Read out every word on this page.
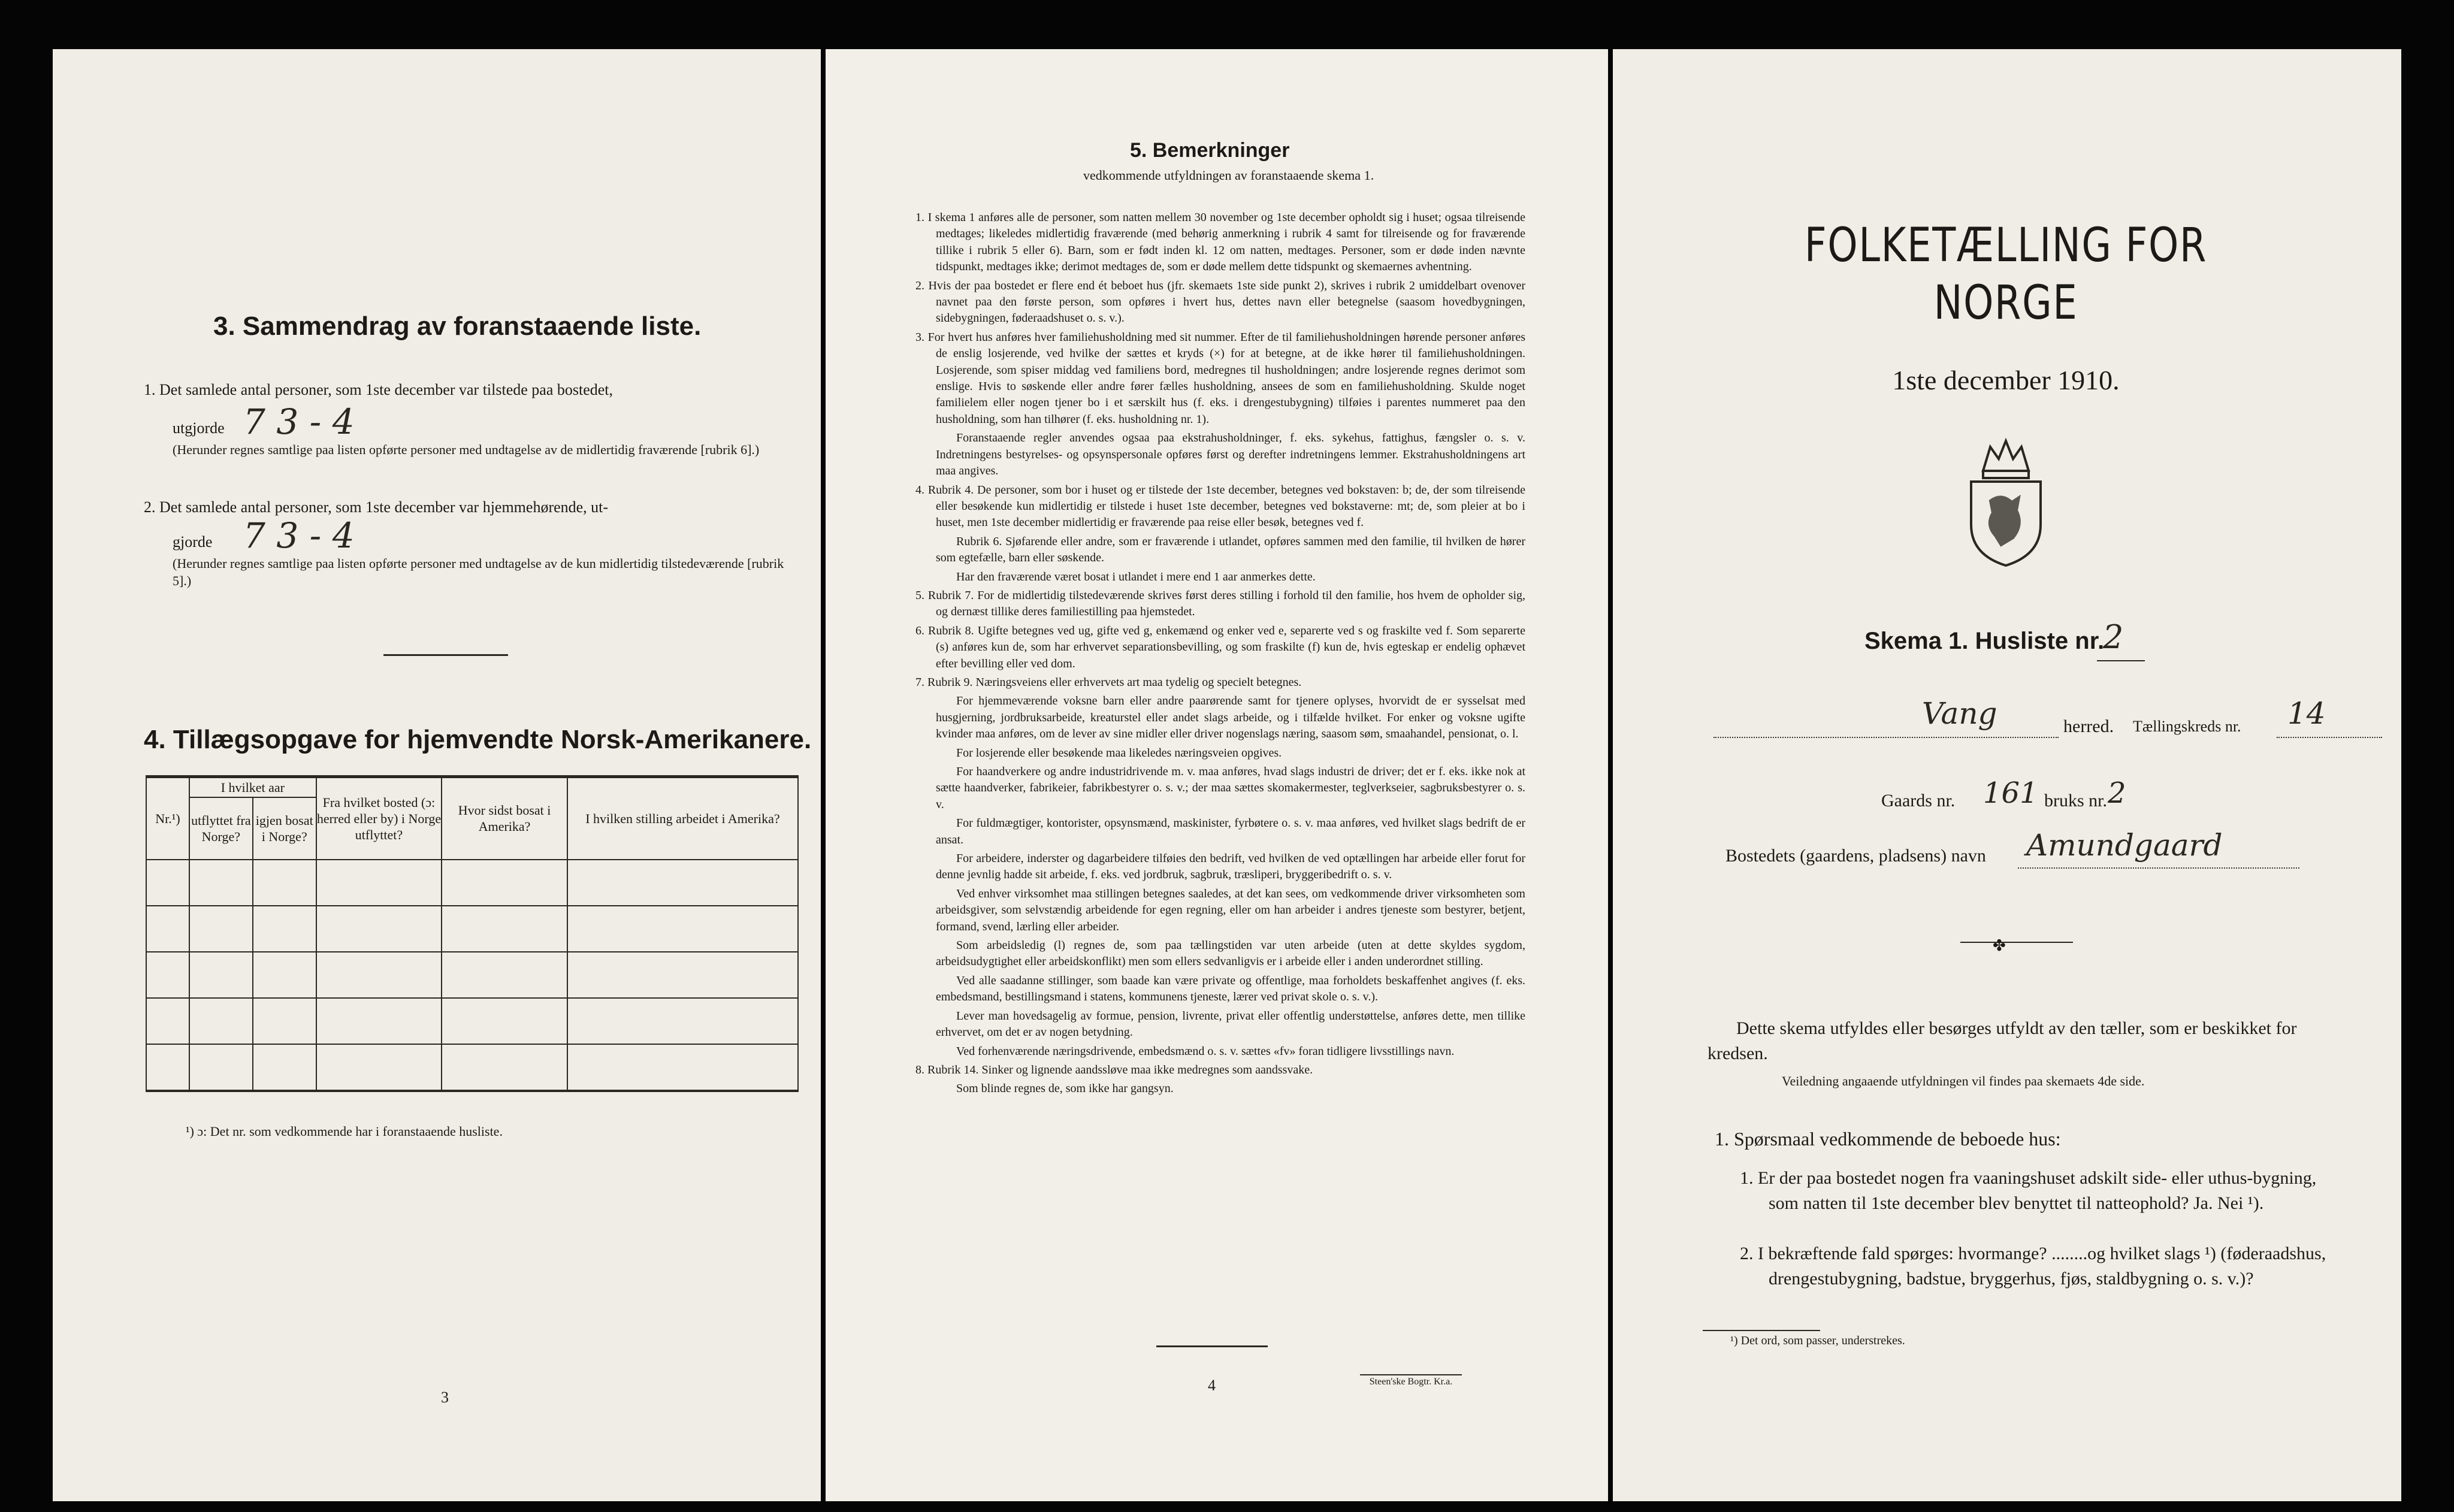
3. Sammendrag av foranstaaende liste.
1. Det samlede antal personer, som 1ste december var tilstede paa bostedet,
utgjorde 7 3 - 4
(Herunder regnes samtlige paa listen opførte personer med undtagelse av de midlertidig fraværende [rubrik 6].)
2. Det samlede antal personer, som 1ste december var hjemmehørende, ut-
gjorde 7 3 - 4
(Herunder regnes samtlige paa listen opførte personer med undtagelse av de kun midlertidig tilstedeværende [rubrik 5].)
4. Tillægsopgave for hjemvendte Norsk-Amerikanere.
Nr.¹)	I hvilket aar		Fra hvilket bosted (ɔ: herred eller by) i Norge utflyttet?	Hvor sidst bosat i Amerika?	I hvilken stilling arbeidet i Amerika?
	utflyttet fra Norge?	igjen bosat i Norge?			

¹) ɔ: Det nr. som vedkommende har i foranstaaende husliste.
3
5. Bemerkninger
vedkommende utfyldningen av foranstaaende skema 1.

1. I skema 1 anføres alle de personer, som natten mellem 30 november og 1ste december opholdt sig i huset; ogsaa tilreisende medtages; likeledes midlertidig fraværende (med behørig anmerkning i rubrik 4 samt for tilreisende og for fraværende tillike i rubrik 5 eller 6). Barn, som er født inden kl. 12 om natten, medtages. Personer, som er døde inden nævnte tidspunkt, medtages ikke; derimot medtages de, som er døde mellem dette tidspunkt og skemaernes avhentning.

2. Hvis der paa bostedet er flere end ét beboet hus (jfr. skemaets 1ste side punkt 2), skrives i rubrik 2 umiddelbart ovenover navnet paa den første person, som opføres i hvert hus, dettes navn eller betegnelse (saasom hovedbygningen, sidebygningen, føderaadshuset o. s. v.).

3. For hvert hus anføres hver familiehusholdning med sit nummer. Efter de til familiehusholdningen hørende personer anføres de enslig losjerende, ved hvilke der sættes et kryds (×) for at betegne, at de ikke hører til familiehusholdningen. Losjerende, som spiser middag ved familiens bord, medregnes til husholdningen; andre losjerende regnes derimot som enslige. Hvis to søskende eller andre fører fælles husholdning, ansees de som en familiehusholdning. Skulde noget familielem eller nogen tjener bo i et særskilt hus (f. eks. i drengestubygning) tilføies i parentes nummeret paa den husholdning, som han tilhører (f. eks. husholdning nr. 1).

Foranstaaende regler anvendes ogsaa paa ekstrahusholdninger, f. eks. sykehus, fattighus, fængsler o. s. v. Indretningens bestyrelses- og opsynspersonale opføres først og derefter indretningens lemmer. Ekstrahusholdningens art maa angives.

4. Rubrik 4. De personer, som bor i huset og er tilstede der 1ste december, betegnes ved bokstaven: b; de, der som tilreisende eller besøkende kun midlertidig er tilstede i huset 1ste december, betegnes ved bokstaverne: mt; de, som pleier at bo i huset, men 1ste december midlertidig er fraværende paa reise eller besøk, betegnes ved f.

Rubrik 6. Sjøfarende eller andre, som er fraværende i utlandet, opføres sammen med den familie, til hvilken de hører som egtefælle, barn eller søskende.

Har den fraværende været bosat i utlandet i mere end 1 aar anmerkes dette.

5. Rubrik 7. For de midlertidig tilstedeværende skrives først deres stilling i forhold til den familie, hos hvem de opholder sig, og dernæst tillike deres familiestilling paa hjemstedet.

6. Rubrik 8. Ugifte betegnes ved ug, gifte ved g, enkemænd og enker ved e, separerte ved s og fraskilte ved f. Som separerte (s) anføres kun de, som har erhvervet separationsbevilling, og som fraskilte (f) kun de, hvis egteskap er endelig ophævet efter bevilling eller ved dom.

7. Rubrik 9. Næringsveiens eller erhvervets art maa tydelig og specielt betegnes.

For hjemmeværende voksne barn eller andre paarørende samt for tjenere oplyses, hvorvidt de er sysselsat med husgjerning, jordbruksarbeide, kreaturstel eller andet slags arbeide, og i tilfælde hvilket. For enker og voksne ugifte kvinder maa anføres, om de lever av sine midler eller driver nogenslags næring, saasom søm, smaahandel, pensionat, o. l.

For losjerende eller besøkende maa likeledes næringsveien opgives.

For haandverkere og andre industridrivende m. v. maa anføres, hvad slags industri de driver; det er f. eks. ikke nok at sætte haandverker, fabrikeier, fabrikbestyrer o. s. v.; der maa sættes skomakermester, teglverkseier, sagbruksbestyrer o. s. v.

For fuldmægtiger, kontorister, opsynsmænd, maskinister, fyrbøtere o. s. v. maa anføres, ved hvilket slags bedrift de er ansat.

For arbeidere, inderster og dagarbeidere tilføies den bedrift, ved hvilken de ved optællingen har arbeide eller forut for denne jevnlig hadde sit arbeide, f. eks. ved jordbruk, sagbruk, træsliperi, bryggeribedrift o. s. v.

Ved enhver virksomhet maa stillingen betegnes saaledes, at det kan sees, om vedkommende driver virksomheten som arbeidsgiver, som selvstændig arbeidende for egen regning, eller om han arbeider i andres tjeneste som bestyrer, betjent, formand, svend, lærling eller arbeider.

Som arbeidsledig (l) regnes de, som paa tællingstiden var uten arbeide (uten at dette skyldes sygdom, arbeidsudygtighet eller arbeidskonflikt) men som ellers sedvanligvis er i arbeide eller i anden underordnet stilling.

Ved alle saadanne stillinger, som baade kan være private og offentlige, maa forholdets beskaffenhet angives (f. eks. embedsmand, bestillingsmand i statens, kommunens tjeneste, lærer ved privat skole o. s. v.).

Lever man hovedsagelig av formue, pension, livrente, privat eller offentlig understøttelse, anføres dette, men tillike erhvervet, om det er av nogen betydning.

Ved forhenværende næringsdrivende, embedsmænd o. s. v. sættes «fv» foran tidligere livsstillings navn.

8. Rubrik 14. Sinker og lignende aandssløve maa ikke medregnes som aandssvake.

Som blinde regnes de, som ikke har gangsyn.

4	Steen'ske Bogtr. Kr.a.
FOLKETÆLLING FOR NORGE
1ste december 1910.
Skema 1. Husliste nr.
2
Vang	herred. Tællingskreds nr. 14
Gaards nr. 161 bruks nr. 2
Bostedets (gaardens, pladsens) navn Amundgaard
✤
Dette skema utfyldes eller besørges utfyldt av den tæller, som er beskikket for kredsen.
Veiledning angaaende utfyldningen vil findes paa skemaets 4de side.
1. Spørsmaal vedkommende de beboede hus:
1. Er der paa bostedet nogen fra vaaningshuset adskilt side- eller uthus-bygning, som natten til 1ste december blev benyttet til natteophold? Ja. Nei ¹).
2. I bekræftende fald spørges: hvormange? ........og hvilket slags ¹) (føderaadshus, drengestubygning, badstue, bryggerhus, fjøs, staldbygning o. s. v.)?
¹) Det ord, som passer, understrekes.
